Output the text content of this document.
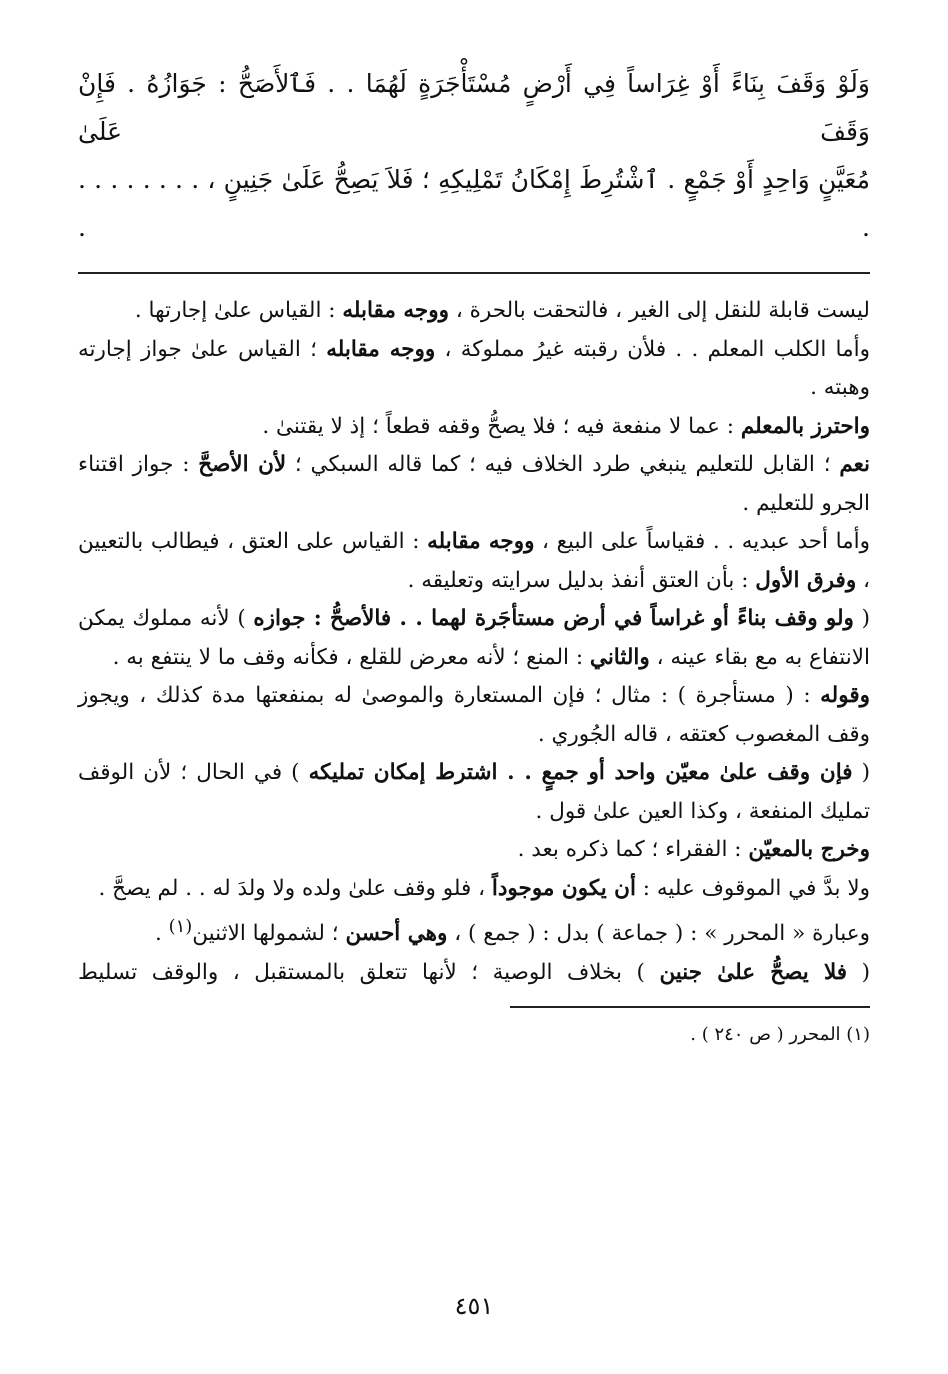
وَلَوْ وَقَفَ بِنَاءً أَوْ غِرَاساً فِي أَرْضٍ مُسْتَأْجَرَةٍ لَهُمَا . . فَٱلأَصَحُّ : جَوَازُهُ . فَإِنْ وَقَفَ عَلَىٰ

مُعَيَّنٍ وَاحِدٍ أَوْ جَمْعٍ . ٱشْتُرِطَ إِمْكَانُ تَمْلِيكِهِ ؛ فَلاَ يَصِحُّ عَلَىٰ جَنِينٍ ، . . . . . . . . . .

ليست قابلة للنقل إلى الغير ، فالتحقت بالحرة ، ووجه مقابله : القياس علىٰ إجارتها .

وأما الكلب المعلم . . فلأن رقبته غيرُ مملوكة ، ووجه مقابله ؛ القياس علىٰ جواز إجارته وهبته .

واحترز بالمعلم : عما لا منفعة فيه ؛ فلا يصحُّ وقفه قطعاً ؛ إذ لا يقتنىٰ .

نعم ؛ القابل للتعليم ينبغي طرد الخلاف فيه ؛ كما قاله السبكي ؛ لأن الأصحَّ : جواز اقتناء الجرو للتعليم .

وأما أحد عبديه . . فقياساً على البيع ، ووجه مقابله : القياس على العتق ، فيطالب بالتعيين ، وفرق الأول : بأن العتق أنفذ بدليل سرايته وتعليقه .

( ولو وقف بناءً أو غراساً في أرض مستأجَرة لهما . . فالأصحُّ : جوازه ) لأنه مملوك يمكن الانتفاع به مع بقاء عينه ، والثاني : المنع ؛ لأنه معرض للقلع ، فكأنه وقف ما لا ينتفع به .

وقوله : ( مستأجرة ) : مثال ؛ فإن المستعارة والموصىٰ له بمنفعتها مدة كذلك ، ويجوز وقف المغصوب كعتقه ، قاله الجُوري .

( فإن وقف علىٰ معيّن واحد أو جمعٍ . . اشترط إمكان تمليكه ) في الحال ؛ لأن الوقف تمليك المنفعة ، وكذا العين علىٰ قول .

وخرج بالمعيّن : الفقراء ؛ كما ذكره بعد .

ولا بدَّ في الموقوف عليه : أن يكون موجوداً ، فلو وقف علىٰ ولده ولا ولدَ له . . لم يصحَّ .

وعبارة « المحرر » : ( جماعة ) بدل : ( جمع ) ، وهي أحسن ؛ لشمولها الاثنين$^{(١)}$ .

( فلا يصحُّ علىٰ جنين ) بخلاف الوصية ؛ لأنها تتعلق بالمستقبل ، والوقف تسليط

(١) المحرر ( ص ٢٤٠ ) .

٤٥١
